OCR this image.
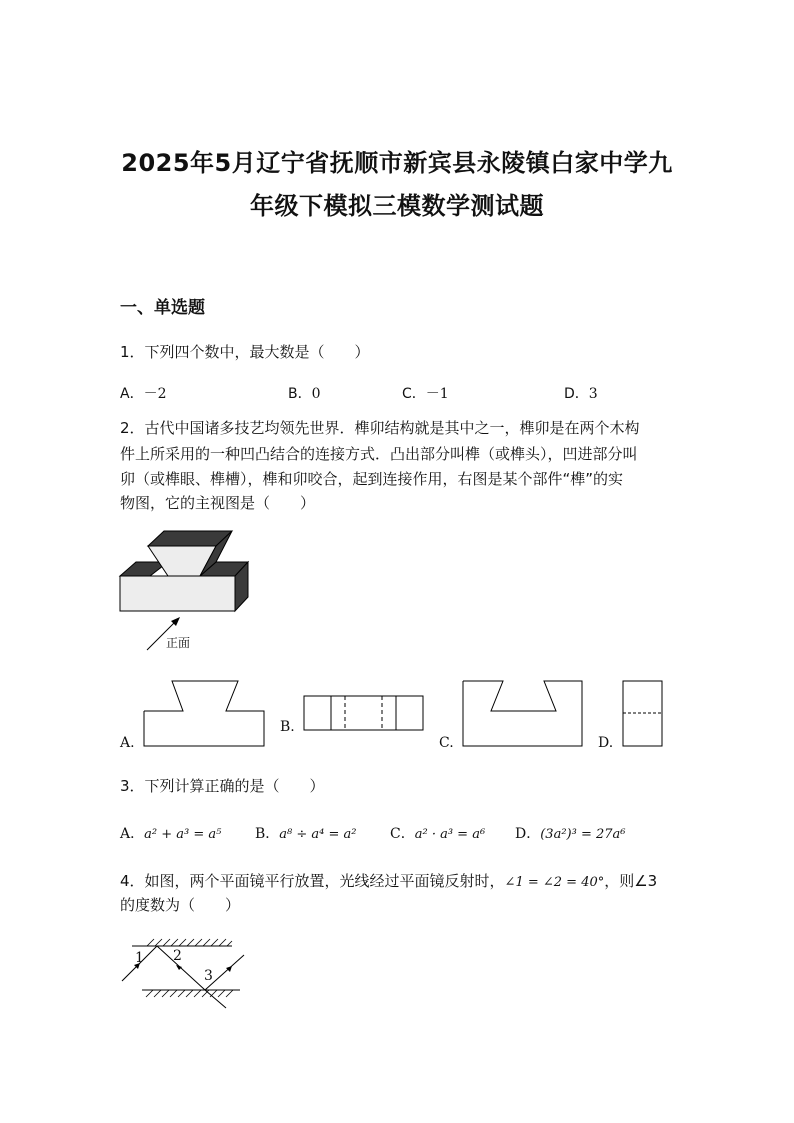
2025年5月辽宁省抚顺市新宾县永陵镇白家中学九
年级下模拟三模数学测试题
一、单选题
1．下列四个数中，最大数是（　　）
A．－2	B．0	C．－1	D．3
2．古代中国诸多技艺均领先世界．榫卯结构就是其中之一，榫卯是在两个木构
件上所采用的一种凹凸结合的连接方式．凸出部分叫榫（或榫头），凹进部分叫
卯（或榫眼、榫槽），榫和卯咬合，起到连接作用，右图是某个部件“榫”的实
物图，它的主视图是（　　）
正面
A.
B.
C.	D.
3．下列计算正确的是（　　）
A．a² + a³ = a⁵ B．a⁸ ÷ a⁴ = a² C．a² · a³ = a⁶ D．(3a²)³ = 27a⁶
4．如图，两个平面镜平行放置，光线经过平面镜反射时，∠1 = ∠2 = 40°，则∠3
的度数为（　　）
1 2
3
